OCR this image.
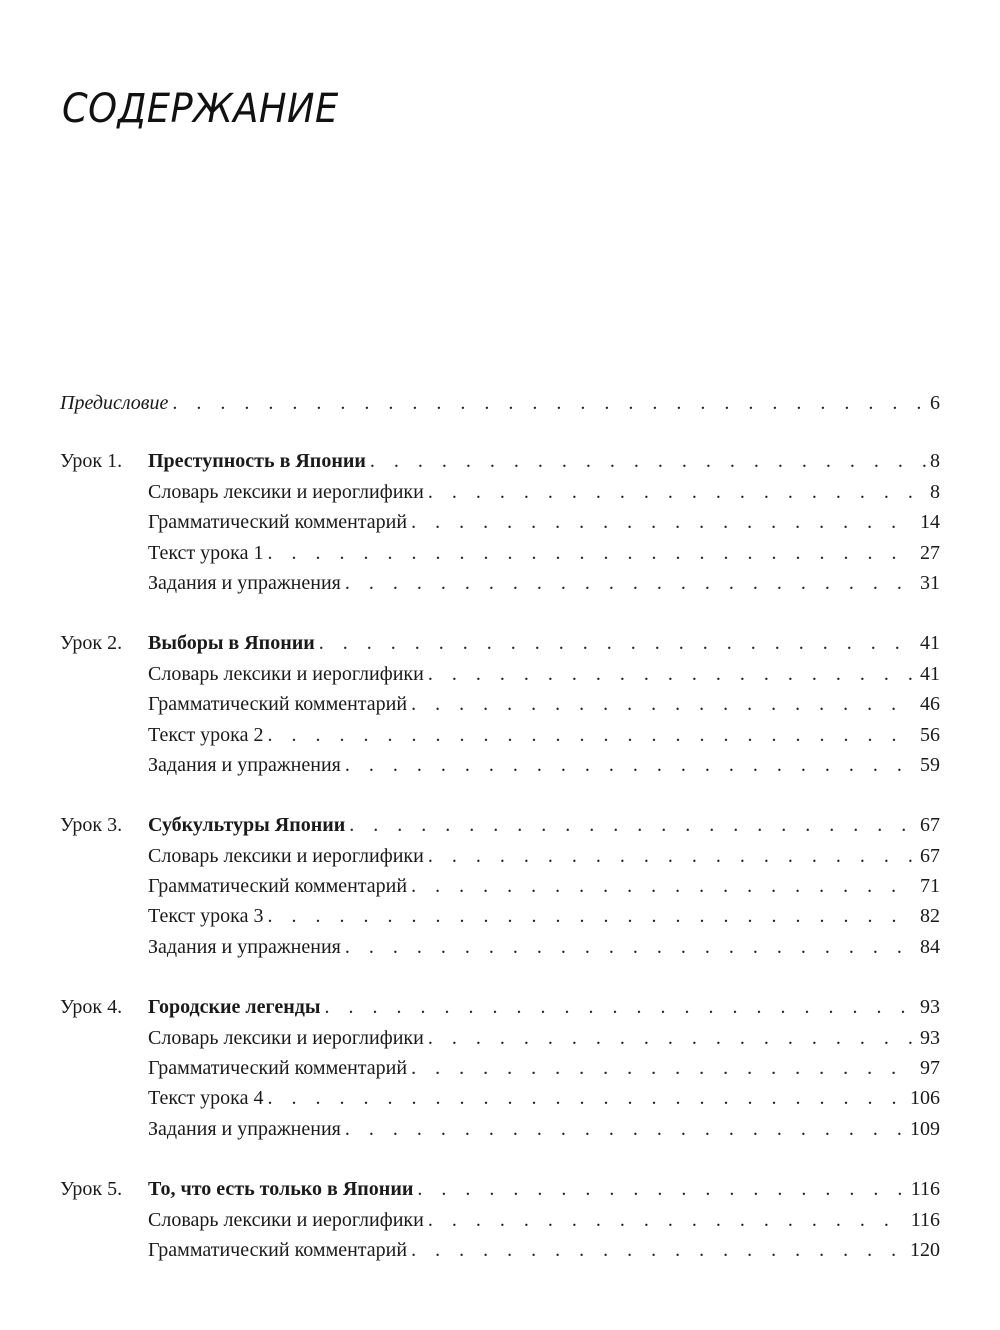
СОДЕРЖАНИЕ
Предисловие . . .	6
Урок 1.	Преступность в Японии . . .	8
Словарь лексики и иероглифики . . .	8
Грамматический комментарий . . .	14
Текст урока 1 . . .	27
Задания и упражнения . . .	31
Урок 2.	Выборы в Японии . . .	41
Словарь лексики и иероглифики . . .	41
Грамматический комментарий . . .	46
Текст урока 2 . . .	56
Задания и упражнения . . .	59
Урок 3.	Субкультуры Японии . . .	67
Словарь лексики и иероглифики . . .	67
Грамматический комментарий . . .	71
Текст урока 3 . . .	82
Задания и упражнения . . .	84
Урок 4.	Городские легенды . . .	93
Словарь лексики и иероглифики . . .	93
Грамматический комментарий . . .	97
Текст урока 4 . . .	106
Задания и упражнения . . .	109
Урок 5.	То, что есть только в Японии . . .	116
Словарь лексики и иероглифики . . .	116
Грамматический комментарий . . .	120
